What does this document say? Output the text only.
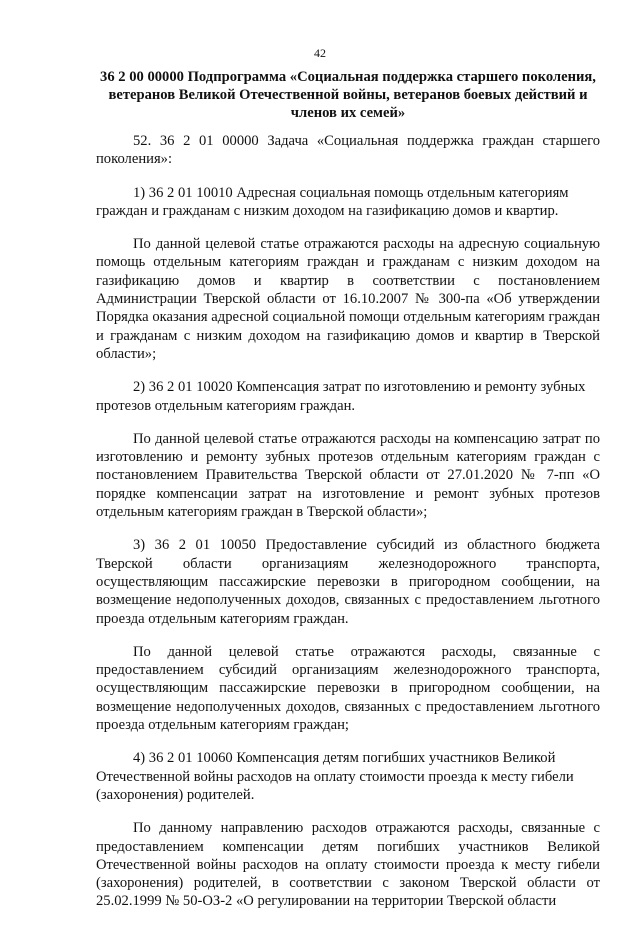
42
36 2 00 00000 Подпрограмма «Социальная поддержка старшего поколения, ветеранов Великой Отечественной войны, ветеранов боевых действий и членов их семей»

52. 36 2 01 00000 Задача «Социальная поддержка граждан старшего поколения»:

1) 36 2 01 10010 Адресная социальная помощь отдельным категориям граждан и гражданам с низким доходом на газификацию домов и квартир.

По данной целевой статье отражаются расходы на адресную социальную помощь отдельным категориям граждан и гражданам с низким доходом на газификацию домов и квартир в соответствии с постановлением Администрации Тверской области от 16.10.2007 № 300-па «Об утверждении Порядка оказания адресной социальной помощи отдельным категориям граждан и гражданам с низким доходом на газификацию домов и квартир в Тверской области»;

2) 36 2 01 10020 Компенсация затрат по изготовлению и ремонту зубных протезов отдельным категориям граждан.

По данной целевой статье отражаются расходы на компенсацию затрат по изготовлению и ремонту зубных протезов отдельным категориям граждан с постановлением Правительства Тверской области от 27.01.2020 № 7-пп «О порядке компенсации затрат на изготовление и ремонт зубных протезов отдельным категориям граждан в Тверской области»;

3) 36 2 01 10050 Предоставление субсидий из областного бюджета Тверской области организациям железнодорожного транспорта, осуществляющим пассажирские перевозки в пригородном сообщении, на возмещение недополученных доходов, связанных с предоставлением льготного проезда отдельным категориям граждан.

По данной целевой статье отражаются расходы, связанные с предоставлением субсидий организациям железнодорожного транспорта, осуществляющим пассажирские перевозки в пригородном сообщении, на возмещение недополученных доходов, связанных с предоставлением льготного проезда отдельным категориям граждан;

4) 36 2 01 10060 Компенсация детям погибших участников Великой Отечественной войны расходов на оплату стоимости проезда к месту гибели (захоронения) родителей.

По данному направлению расходов отражаются расходы, связанные с предоставлением компенсации детям погибших участников Великой Отечественной войны расходов на оплату стоимости проезда к месту гибели (захоронения) родителей, в соответствии с законом Тверской области от 25.02.1999 № 50-ОЗ-2 «О регулировании на территории Тверской области
